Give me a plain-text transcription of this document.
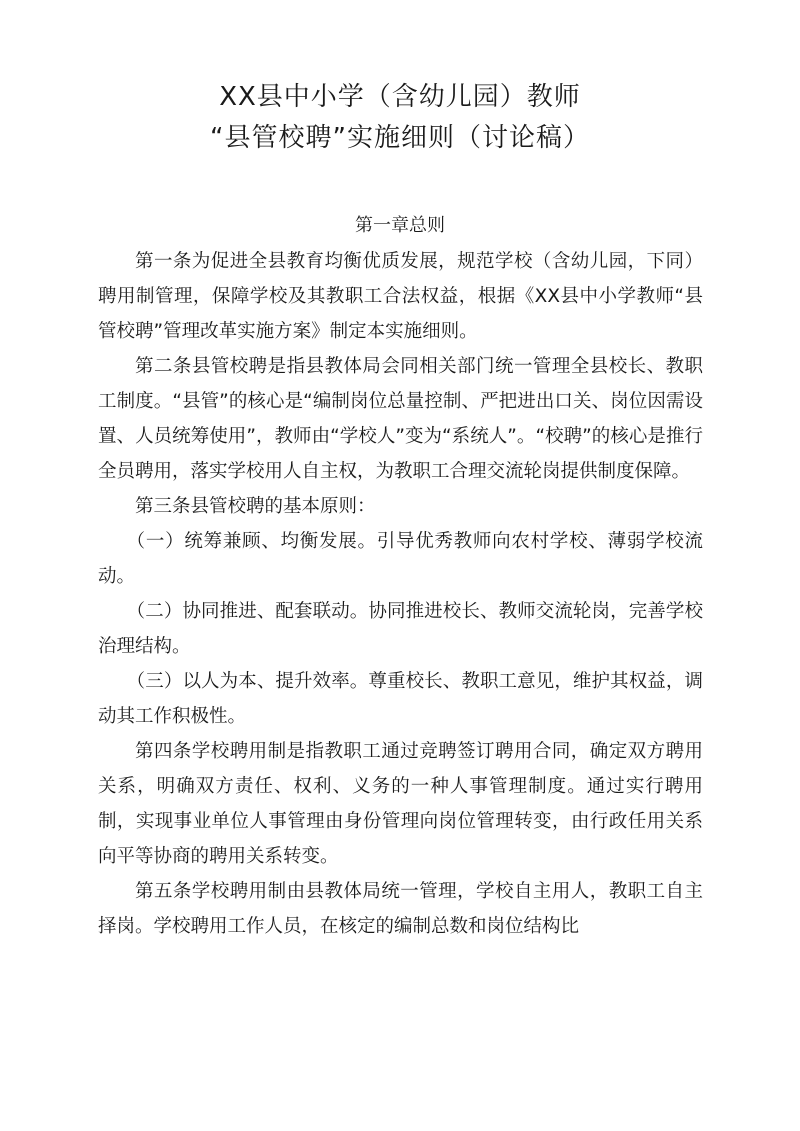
XX县中小学（含幼儿园）教师
“县管校聘”实施细则（讨论稿）
第一章总则

第一条为促进全县教育均衡优质发展，规范学校（含幼儿园，下同）聘用制管理，保障学校及其教职工合法权益，根据《XX县中小学教师“县管校聘”管理改革实施方案》制定本实施细则。

第二条县管校聘是指县教体局会同相关部门统一管理全县校长、教职工制度。“县管”的核心是“编制岗位总量控制、严把进出口关、岗位因需设置、人员统筹使用”，教师由“学校人”变为“系统人”。“校聘”的核心是推行全员聘用，落实学校用人自主权，为教职工合理交流轮岗提供制度保障。

第三条县管校聘的基本原则：

（一）统筹兼顾、均衡发展。引导优秀教师向农村学校、薄弱学校流动。

（二）协同推进、配套联动。协同推进校长、教师交流轮岗，完善学校治理结构。

（三）以人为本、提升效率。尊重校长、教职工意见，维护其权益，调动其工作积极性。

第四条学校聘用制是指教职工通过竞聘签订聘用合同，确定双方聘用关系，明确双方责任、权利、义务的一种人事管理制度。通过实行聘用制，实现事业单位人事管理由身份管理向岗位管理转变，由行政任用关系向平等协商的聘用关系转变。

第五条学校聘用制由县教体局统一管理，学校自主用人，教职工自主择岗。学校聘用工作人员，在核定的编制总数和岗位结构比
